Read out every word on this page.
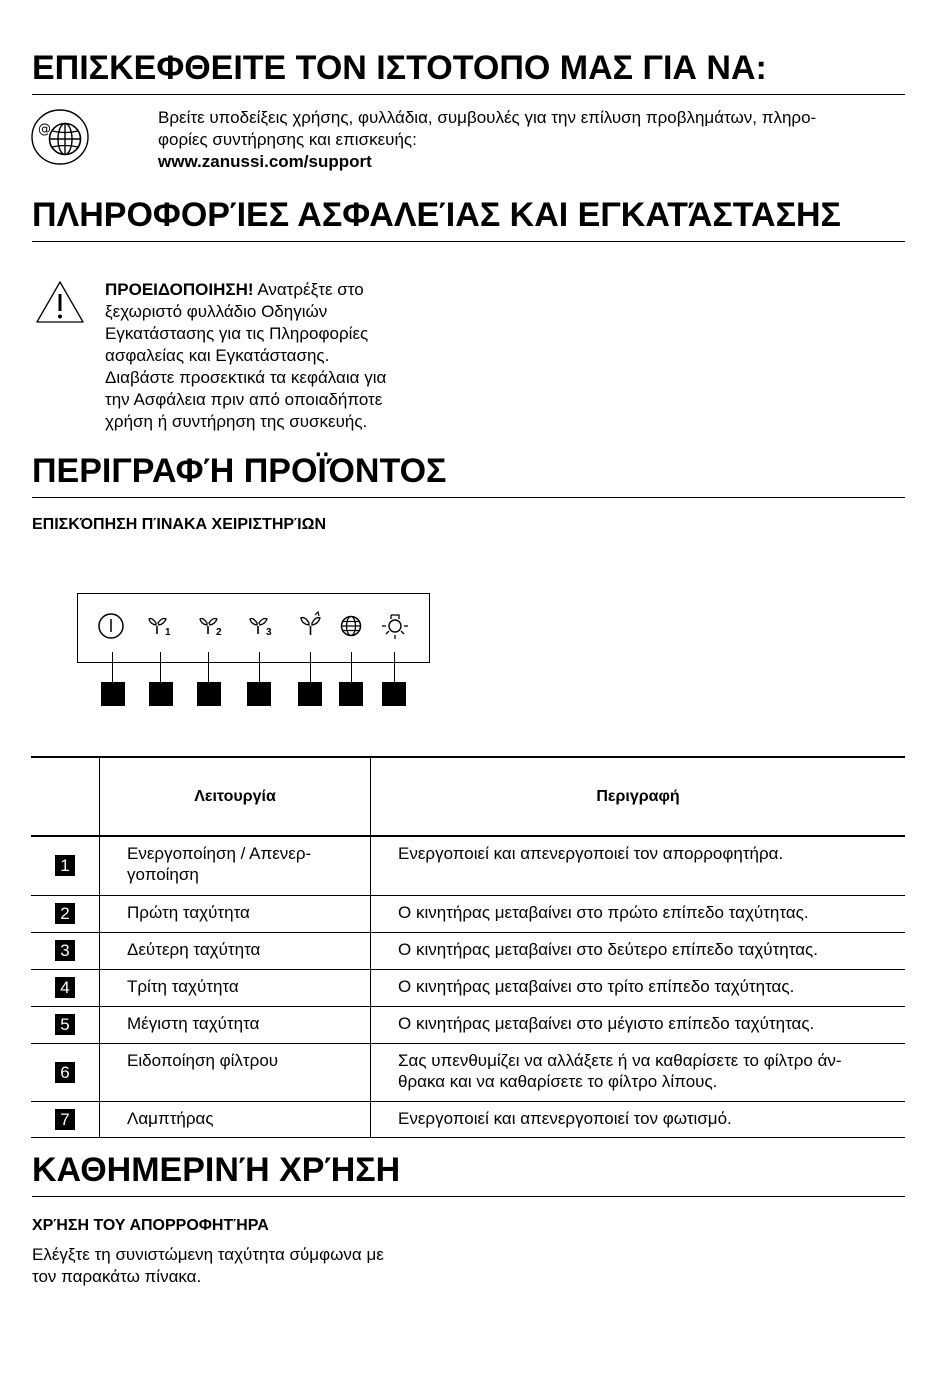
ΕΠΙΣΚΕΦΘΕΙΤΕ ΤΟΝ ΙΣΤΟΤΟΠΟ ΜΑΣ ΓΙΑ ΝΑ:
@
Βρείτε υποδείξεις χρήσης, φυλλάδια, συμβουλές για την επίλυση προβλημάτων, πληρο-
φορίες συντήρησης και επισκευής:
www.zanussi.com/support
ΠΛΗΡΟΦΟΡΊΕΣ ΑΣΦΑΛΕΊΑΣ ΚΑΙ ΕΓΚΑΤΆΣΤΑΣΗΣ
ΠΡΟΕΙΔΟΠΟΙΗΣΗ! Ανατρέξτε στο
ξεχωριστό φυλλάδιο Οδηγιών
Εγκατάστασης για τις Πληροφορίες
ασφαλείας και Εγκατάστασης.
Διαβάστε προσεκτικά τα κεφάλαια για
την Ασφάλεια πριν από οποιαδήποτε
χρήση ή συντήρηση της συσκευής.
ΠΕΡΙΓΡΑΦΉ ΠΡΟΪΌΝΤΟΣ
ΕΠΙΣΚΌΠΗΣΗ ΠΊΝΑΚΑ ΧΕΙΡΙΣΤΗΡΊΩΝ
1	2	3
	Λειτουργία	Περιγραφή
1	Ενεργοποίηση / Απενερ-
γοποίηση	Ενεργοποιεί και απενεργοποιεί τον απορροφητήρα.
2	Πρώτη ταχύτητα	Ο κινητήρας μεταβαίνει στο πρώτο επίπεδο ταχύτητας.
3	Δεύτερη ταχύτητα	Ο κινητήρας μεταβαίνει στο δεύτερο επίπεδο ταχύτητας.
4	Τρίτη ταχύτητα	Ο κινητήρας μεταβαίνει στο τρίτο επίπεδο ταχύτητας.
5	Μέγιστη ταχύτητα	Ο κινητήρας μεταβαίνει στο μέγιστο επίπεδο ταχύτητας.
6	Ειδοποίηση φίλτρου	Σας υπενθυμίζει να αλλάξετε ή να καθαρίσετε το φίλτρο άν-
θρακα και να καθαρίσετε το φίλτρο λίπους.

7	Λαμπτήρας	Ενεργοποιεί και απενεργοποιεί τον φωτισμό.
ΚΑΘΗΜΕΡΙΝΉ ΧΡΉΣΗ
ΧΡΉΣΗ ΤΟΥ ΑΠΟΡΡΟΦΗΤΉΡΑ
Ελέγξτε τη συνιστώμενη ταχύτητα σύμφωνα με
τον παρακάτω πίνακα.
